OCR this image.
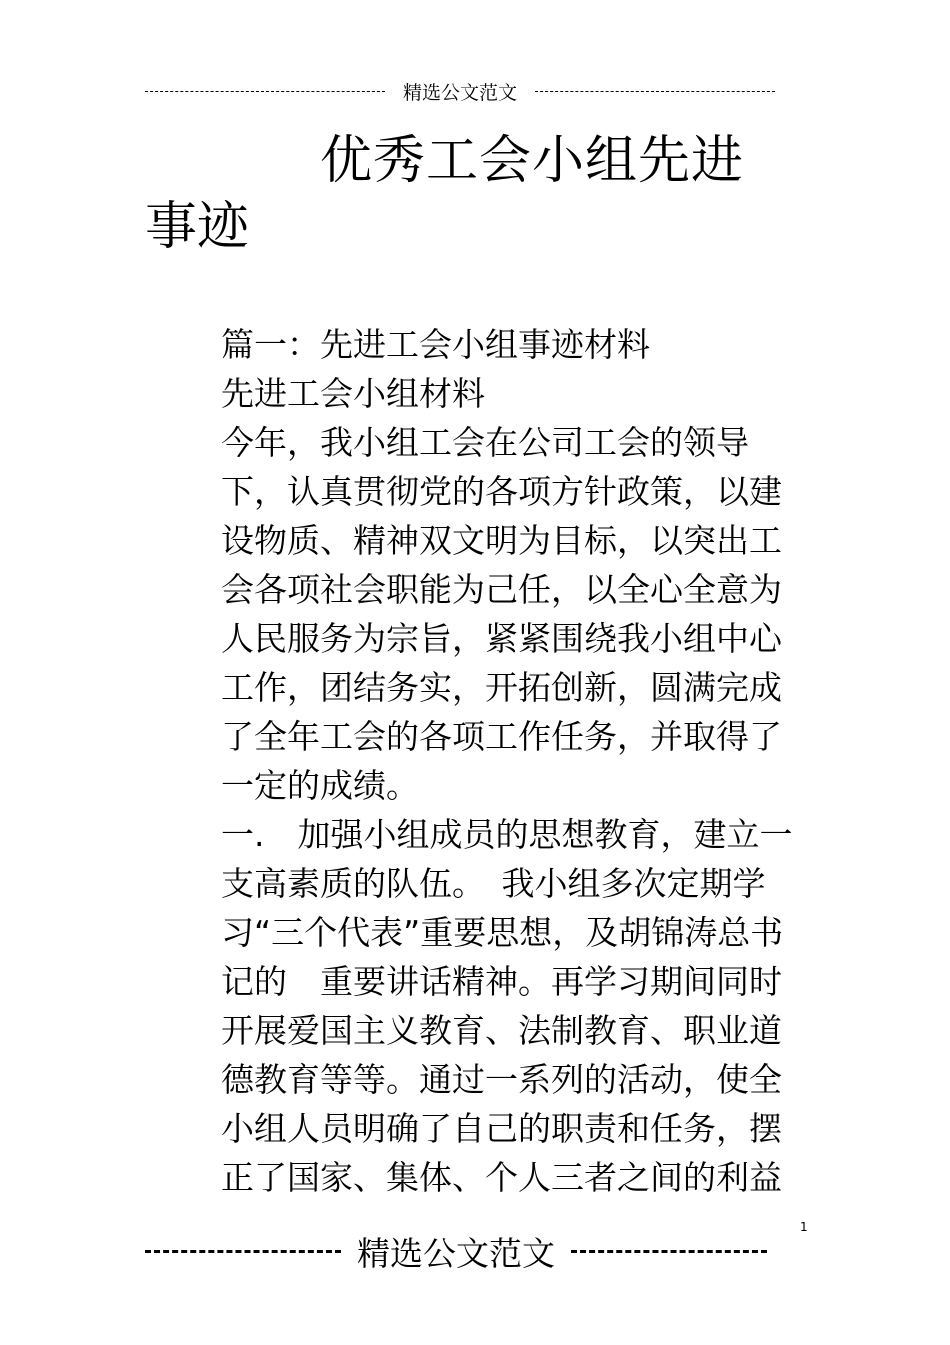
精选公文范文
优秀工会小组先进
事迹

篇一：先进工会小组事迹材料

先进工会小组材料

今年，我小组工会在公司工会的领导下，认真贯彻党的各项方针政策，以建设物质、精神双文明为目标，以突出工会各项社会职能为己任，以全心全意为人民服务为宗旨，紧紧围绕我小组中心工作，团结务实，开拓创新，圆满完成了全年工会的各项工作任务，并取得了一定的成绩。

一.　加强小组成员的思想教育，建立一支高素质的队伍。　我小组多次定期学习“三个代表”重要思想，及胡锦涛总书记的　重要讲话精神。再学习期间同时开展爱国主义教育、法制教育、职业道德教育等等。通过一系列的活动，使全小组人员明确了自己的职责和任务，摆正了国家、集体、个人三者之间的利益

1
精选公文范文
